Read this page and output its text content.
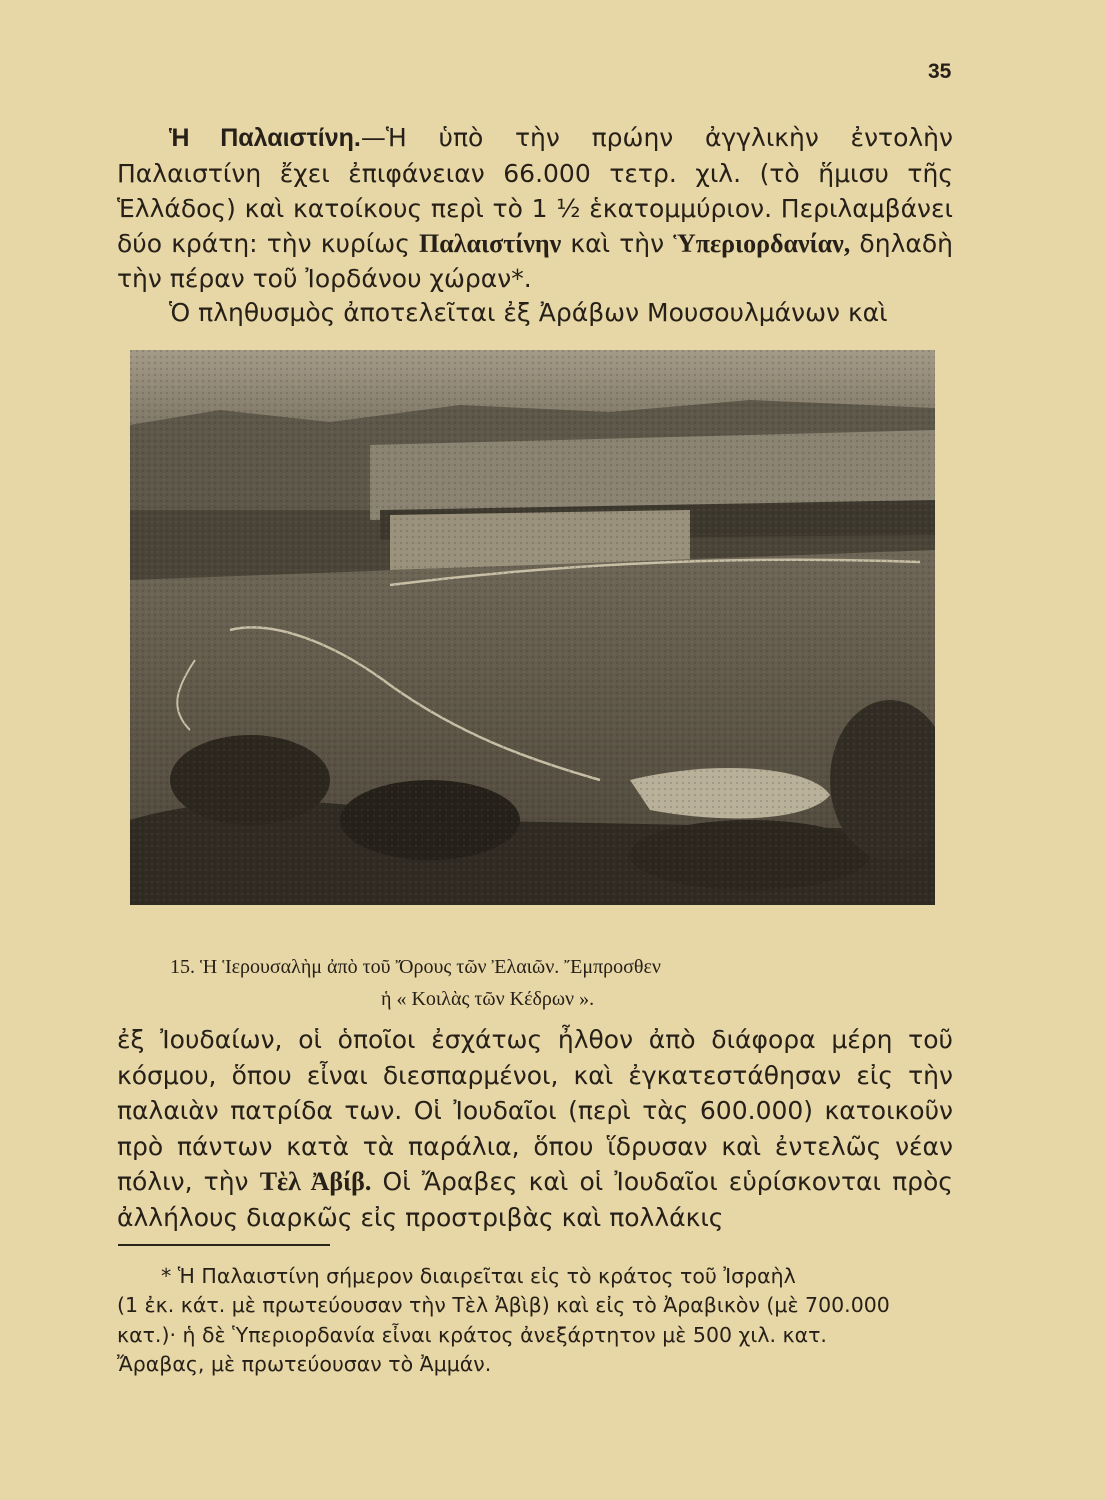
35

Ἡ Παλαιστίνη.—Ἡ ὑπὸ τὴν πρώην ἀγγλικὴν ἐντολὴν Παλαιστίνη ἔχει ἐπιφάνειαν 66.000 τετρ. χιλ. (τὸ ἥμισυ τῆς Ἑλλάδος) καὶ κατοίκους περὶ τὸ 1 ½ ἑκατομμύριον. Περιλαμβάνει δύο κράτη: τὴν κυρίως Παλαιστίνην καὶ τὴν Ὑπεριορδανίαν, δηλαδὴ τὴν πέραν τοῦ Ἰορδάνου χώραν*.

Ὁ πληθυσμὸς ἀποτελεῖται ἐξ Ἀράβων Μουσουλμάνων καὶ

15. Ἡ Ἱερουσαλὴμ ἀπὸ τοῦ Ὄρους τῶν Ἐλαιῶν. Ἔμπροσθεν
ἡ « Κοιλὰς τῶν Κέδρων ».

ἐξ Ἰουδαίων, οἱ ὁποῖοι ἐσχάτως ἦλθον ἀπὸ διάφορα μέρη τοῦ κόσμου, ὅπου εἶναι διεσπαρμένοι, καὶ ἐγκατεστάθησαν εἰς τὴν παλαιὰν πατρίδα των. Οἱ Ἰουδαῖοι (περὶ τὰς 600.000) κατοικοῦν πρὸ πάντων κατὰ τὰ παράλια, ὅπου ἵδρυσαν καὶ ἐντελῶς νέαν πόλιν, τὴν Τὲλ Ἀβίβ. Οἱ Ἄραβες καὶ οἱ Ἰουδαῖοι εὑρίσκονται πρὸς ἀλλήλους διαρκῶς εἰς προστριβὰς καὶ πολλάκις

* Ἡ Παλαιστίνη σήμερον διαιρεῖται εἰς τὸ κράτος τοῦ Ἰσραὴλ

(1 ἐκ. κάτ. μὲ πρωτεύουσαν τὴν Τὲλ Ἀβὶβ) καὶ εἰς τὸ Ἀραβικὸν (μὲ 700.000
κατ.)· ἡ δὲ Ὑπεριορδανία εἶναι κράτος ἀνεξάρτητον μὲ 500 χιλ. κατ.
Ἄραβας, μὲ πρωτεύουσαν τὸ Ἀμμάν.
